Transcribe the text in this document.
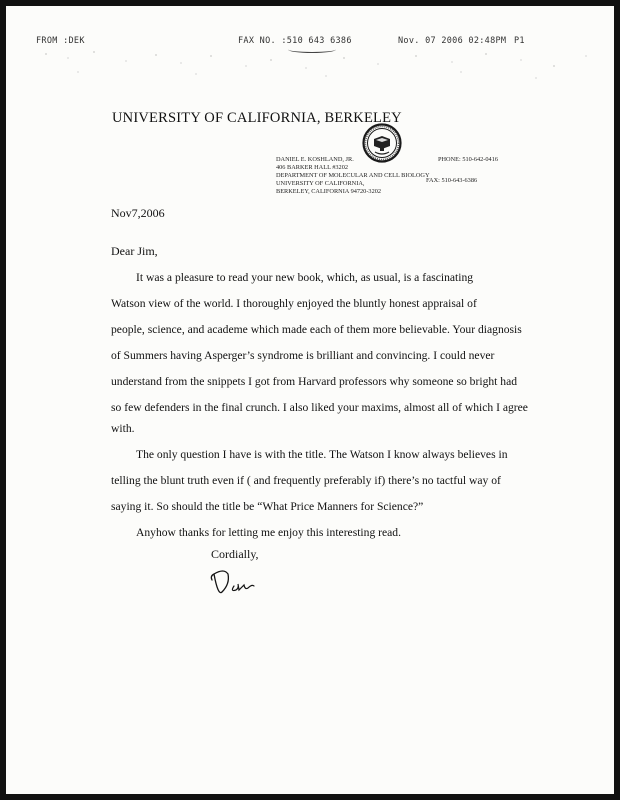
FROM :DEK	FAX NO. :510 643 6386	Nov. 07 2006 02:48PM P1
UNIVERSITY OF CALIFORNIA, BERKELEY
DANIEL E. KOSHLAND, JR.
406 BARKER HALL #3202
DEPARTMENT OF MOLECULAR AND CELL BIOLOGY
UNIVERSITY OF CALIFORNIA,
BERKELEY, CALIFORNIA 94720-3202
PHONE: 510-642-0416
FAX: 510-643-6386
Nov7,2006
Dear Jim,
It was a pleasure to read your new book, which, as usual, is a fascinating
Watson view of the world. I thoroughly enjoyed the bluntly honest appraisal of
people, science, and academe which made each of them more believable. Your diagnosis
of Summers having Asperger’s syndrome is brilliant and convincing. I could never
understand from the snippets I got from Harvard professors why someone so bright had
so few defenders in the final crunch. I also liked your maxims, almost all of which I agree
with.
The only question I have is with the title. The Watson I know always believes in
telling the blunt truth even if ( and frequently preferably if) there’s no tactful way of
saying it. So should the title be “What Price Manners for Science?”
Anyhow thanks for letting me enjoy this interesting read.
Cordially,
